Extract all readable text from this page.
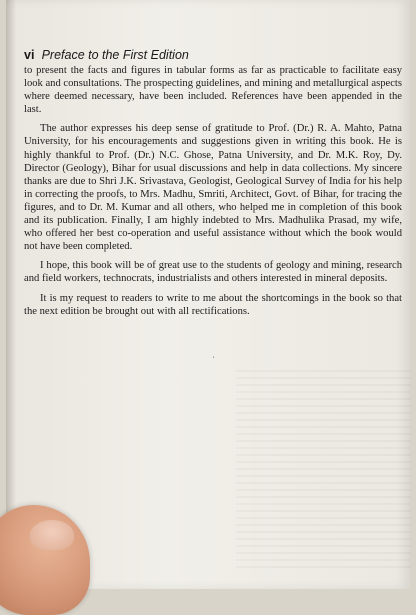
vi Preface to the First Edition

to present the facts and figures in tabular forms as far as practicable to facilitate easy look and consultations. The prospecting guidelines, and mining and metallurgical aspects where deemed necessary, have been included. References have been appended in the last.

The author expresses his deep sense of gratitude to Prof. (Dr.) R. A. Mahto, Patna University, for his encouragements and suggestions given in writing this book. He is highly thankful to Prof. (Dr.) N.C. Ghose, Patna University, and Dr. M.K. Roy, Dy. Director (Geology), Bihar for usual discussions and help in data collections. My sincere thanks are due to Shri J.K. Srivastava, Geologist, Geological Survey of India for his help in correcting the proofs, to Mrs. Madhu, Smriti, Architect, Govt. of Bihar, for tracing the figures, and to Dr. M. Kumar and all others, who helped me in completion of this book and its publication. Finally, I am highly indebted to Mrs. Madhulika Prasad, my wife, who offered her best co-operation and useful assistance without which the book would not have been completed.

I hope, this book will be of great use to the students of geology and mining, research and field workers, technocrats, industrialists and others interested in mineral deposits.

It is my request to readers to write to me about the shortcomings in the book so that the next edition be brought out with all rectifications.

ˌ
